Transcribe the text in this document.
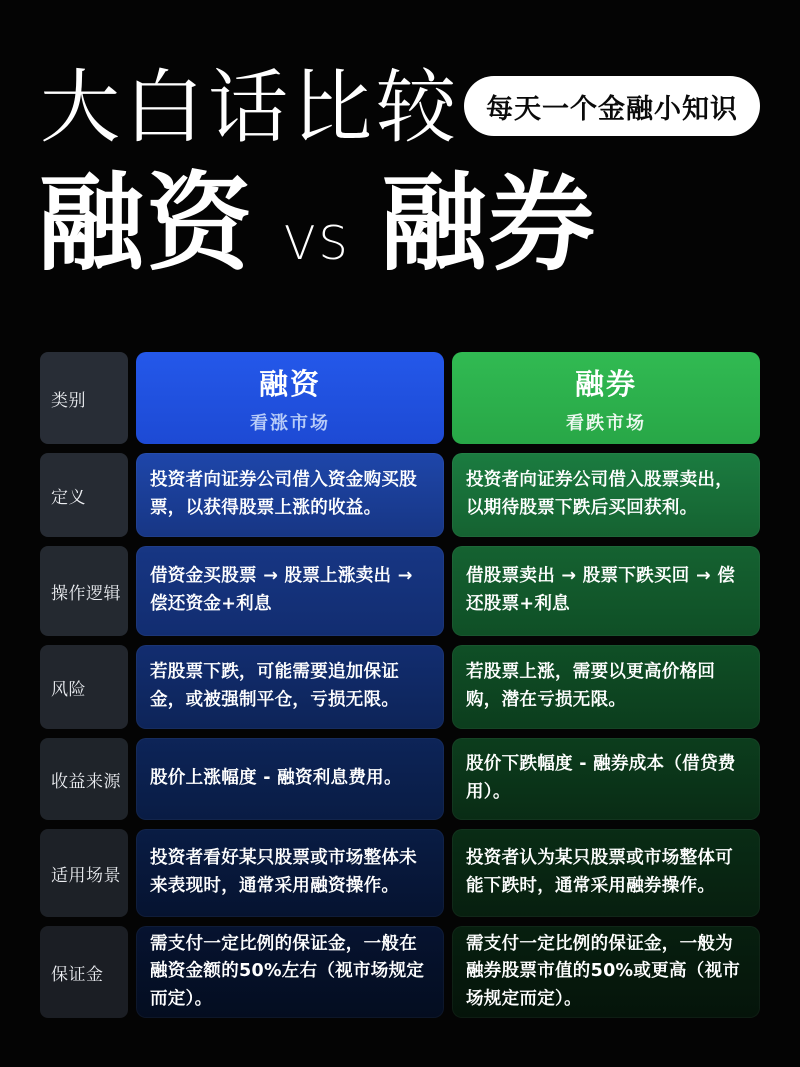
大白话比较 每天一个金融小知识
融资 VS 融券
类别	融资
看涨市场
融券
看跌市场
定义
投资者向证券公司借入资金购买股票，以获得股票上涨的收益。
投资者向证券公司借入股票卖出，以期待股票下跌后买回获利。
操作逻辑
借资金买股票 → 股票上涨卖出 → 偿还资金+利息
借股票卖出 → 股票下跌买回 → 偿还股票+利息
风险
若股票下跌，可能需要追加保证金，或被强制平仓，亏损无限。
若股票上涨，需要以更高价格回购，潜在亏损无限。
收益来源	股价上涨幅度 - 融资利息费用。
股价下跌幅度 - 融券成本（借贷费用）。
适用场景
投资者看好某只股票或市场整体未来表现时，通常采用融资操作。
投资者认为某只股票或市场整体可能下跌时，通常采用融券操作。
保证金
需支付一定比例的保证金，一般在融资金额的50%左右（视市场规定而定）。
需支付一定比例的保证金，一般为融券股票市值的50%或更高（视市场规定而定）。
